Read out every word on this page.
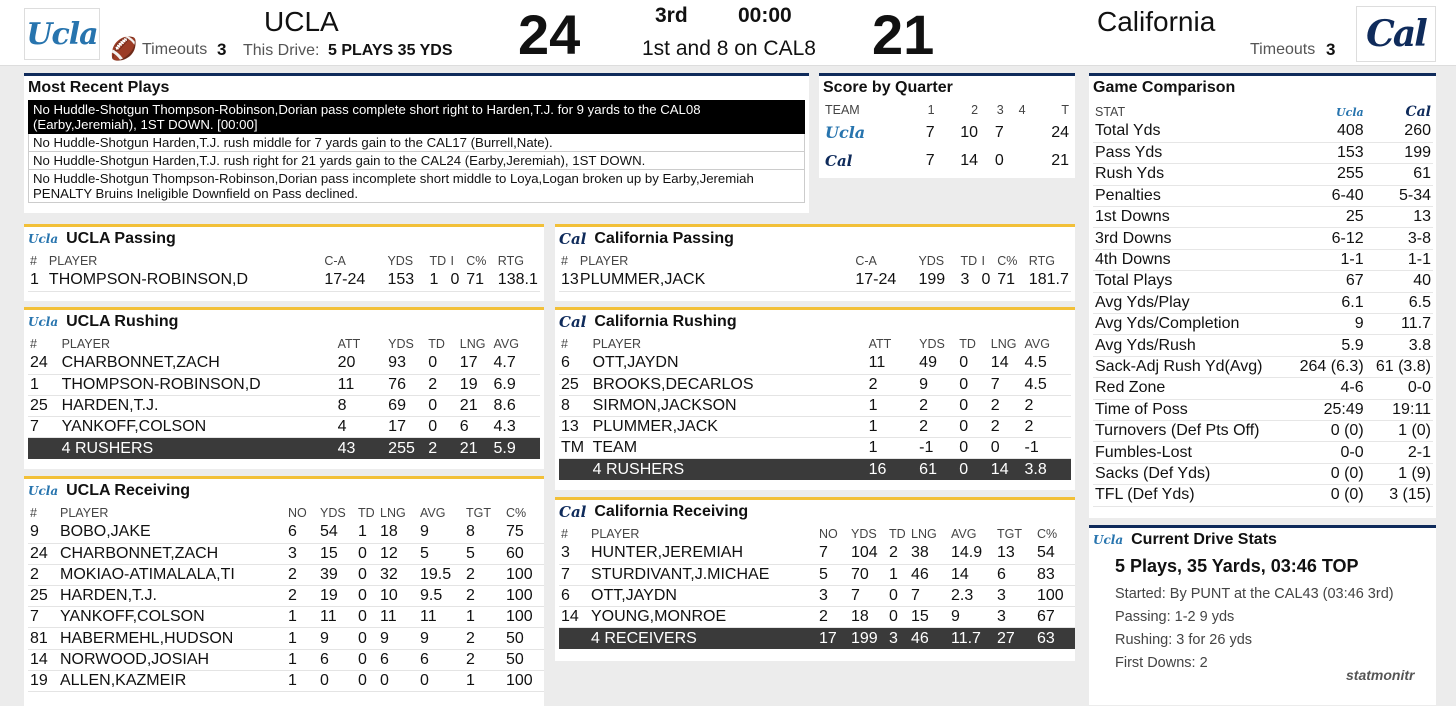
Ucla 🏈 Timeouts 3
UCLA
This Drive: 5 PLAYS 35 YDS 24	3rd 00:00
1st and 8 on CAL8 21	California
Timeouts 3 Cal
Most Recent Plays
No Huddle-Shotgun Thompson-Robinson,Dorian pass complete short right to Harden,T.J. for 9 yards to the CAL08 (Earby,Jeremiah), 1ST DOWN. [00:00]
No Huddle-Shotgun Harden,T.J. rush middle for 7 yards gain to the CAL17 (Burrell,Nate).
No Huddle-Shotgun Harden,T.J. rush right for 21 yards gain to the CAL24 (Earby,Jeremiah), 1ST DOWN.
No Huddle-Shotgun Thompson-Robinson,Dorian pass incomplete short middle to Loya,Logan broken up by Earby,Jeremiah PENALTY Bruins Ineligible Downfield on Pass declined.
Score by Quarter
TEAM	1	2	3	4	T
Ucla	7	10	7		24
Cal	7	14	0		21
Game Comparison
STAT	Ucla	Cal
Total Yds	408	260
Pass Yds	153	199
Rush Yds	255	61
Penalties	6-40	5-34
1st Downs	25	13
3rd Downs	6-12	3-8
4th Downs	1-1	1-1
Total Plays	67	40
Avg Yds/Play	6.1	6.5
Avg Yds/Completion	9	11.7
Avg Yds/Rush	5.9	3.8
Sack-Adj Rush Yd(Avg)	264 (6.3)	61 (3.8)
Red Zone	4-6	0-0
Time of Poss	25:49	19:11
Turnovers (Def Pts Off)	0 (0)	1 (0)
Fumbles-Lost	0-0	2-1
Sacks (Def Yds)	0 (0)	1 (9)
TFL (Def Yds)	0 (0)	3 (15)
Ucla Current Drive Stats
5 Plays, 35 Yards, 03:46 TOP
Started: By PUNT at the CAL43 (03:46 3rd)
Passing: 1-2 9 yds
Rushing: 3 for 26 yds
First Downs: 2
statmonitr
Ucla UCLA Passing
#	PLAYER	C-A	YDS	TD	I	C%	RTG
1	THOMPSON-ROBINSON,D	17-24	153	1	0	71	138.1
Cal California Passing
#	PLAYER	C-A	YDS	TD	I	C%	RTG
13	PLUMMER,JACK	17-24	199	3	0	71	181.7
Ucla UCLA Rushing
#	PLAYER	ATT	YDS	TD	LNG	AVG
24	CHARBONNET,ZACH	20	93	0	17	4.7
1	THOMPSON-ROBINSON,D	11	76	2	19	6.9
25	HARDEN,T.J.	8	69	0	21	8.6
7	YANKOFF,COLSON	4	17	0	6	4.3
	4 RUSHERS	43	255	2	21	5.9
Cal California Rushing
#	PLAYER	ATT	YDS	TD	LNG	AVG
6	OTT,JAYDN	11	49	0	14	4.5
25	BROOKS,DECARLOS	2	9	0	7	4.5
8	SIRMON,JACKSON	1	2	0	2	2
13	PLUMMER,JACK	1	2	0	2	2
TM	TEAM	1	-1	0	0	-1
	4 RUSHERS	16	61	0	14	3.8
Ucla UCLA Receiving
#	PLAYER	NO	YDS	TD	LNG	AVG	TGT	C%
9	BOBO,JAKE	6	54	1	18	9	8	75
24	CHARBONNET,ZACH	3	15	0	12	5	5	60
2	MOKIAO-ATIMALALA,TI	2	39	0	32	19.5	2	100
25	HARDEN,T.J.	2	19	0	10	9.5	2	100
7	YANKOFF,COLSON	1	11	0	11	11	1	100
81	HABERMEHL,HUDSON	1	9	0	9	9	2	50
14	NORWOOD,JOSIAH	1	6	0	6	6	2	50
19	ALLEN,KAZMEIR	1	0	0	0	0	1	100
Cal California Receiving
#	PLAYER	NO	YDS	TD	LNG	AVG	TGT	C%
3	HUNTER,JEREMIAH	7	104	2	38	14.9	13	54
7	STURDIVANT,J.MICHAE	5	70	1	46	14	6	83
6	OTT,JAYDN	3	7	0	7	2.3	3	100
14	YOUNG,MONROE	2	18	0	15	9	3	67
	4 RECEIVERS	17	199	3	46	11.7	27	63
